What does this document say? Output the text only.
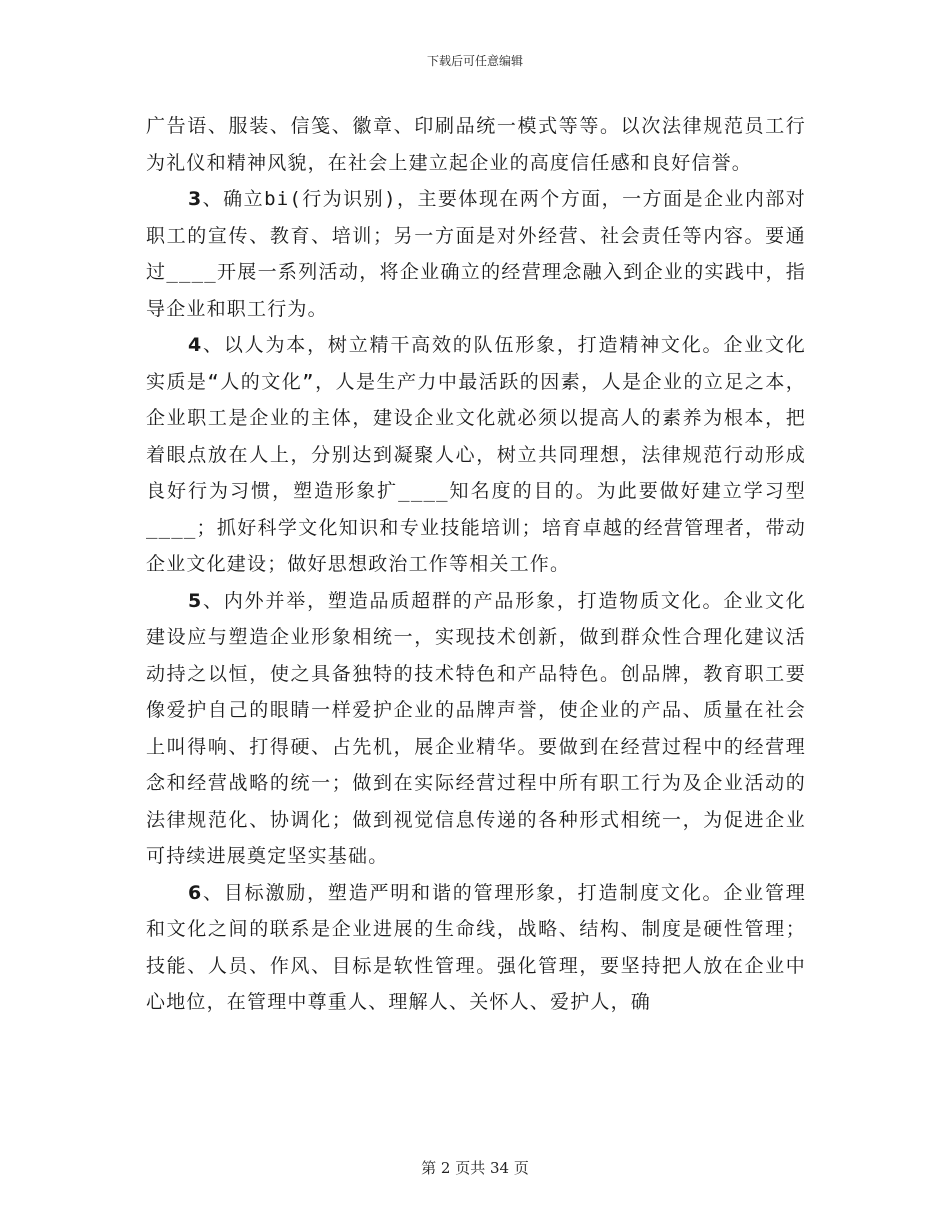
下载后可任意编辑

广告语、服装、信笺、徽章、印刷品统一模式等等。以次法律规范员工行为礼仪和精神风貌，在社会上建立起企业的高度信任感和良好信誉。

3、确立bi(行为识别)，主要体现在两个方面，一方面是企业内部对职工的宣传、教育、培训；另一方面是对外经营、社会责任等内容。要通过____开展一系列活动，将企业确立的经营理念融入到企业的实践中，指导企业和职工行为。

4、以人为本，树立精干高效的队伍形象，打造精神文化。企业文化实质是“人的文化”，人是生产力中最活跃的因素，人是企业的立足之本，企业职工是企业的主体，建设企业文化就必须以提高人的素养为根本，把着眼点放在人上，分别达到凝聚人心，树立共同理想，法律规范行动形成良好行为习惯，塑造形象扩____知名度的目的。为此要做好建立学习型____；抓好科学文化知识和专业技能培训；培育卓越的经营管理者，带动企业文化建设；做好思想政治工作等相关工作。

5、内外并举，塑造品质超群的产品形象，打造物质文化。企业文化建设应与塑造企业形象相统一，实现技术创新，做到群众性合理化建议活动持之以恒，使之具备独特的技术特色和产品特色。创品牌，教育职工要像爱护自己的眼睛一样爱护企业的品牌声誉，使企业的产品、质量在社会上叫得响、打得硬、占先机，展企业精华。要做到在经营过程中的经营理念和经营战略的统一；做到在实际经营过程中所有职工行为及企业活动的法律规范化、协调化；做到视觉信息传递的各种形式相统一，为促进企业可持续进展奠定坚实基础。

6、目标激励，塑造严明和谐的管理形象，打造制度文化。企业管理和文化之间的联系是企业进展的生命线，战略、结构、制度是硬性管理；技能、人员、作风、目标是软性管理。强化管理，要坚持把人放在企业中心地位，在管理中尊重人、理解人、关怀人、爱护人，确

第 2 页共 34 页
